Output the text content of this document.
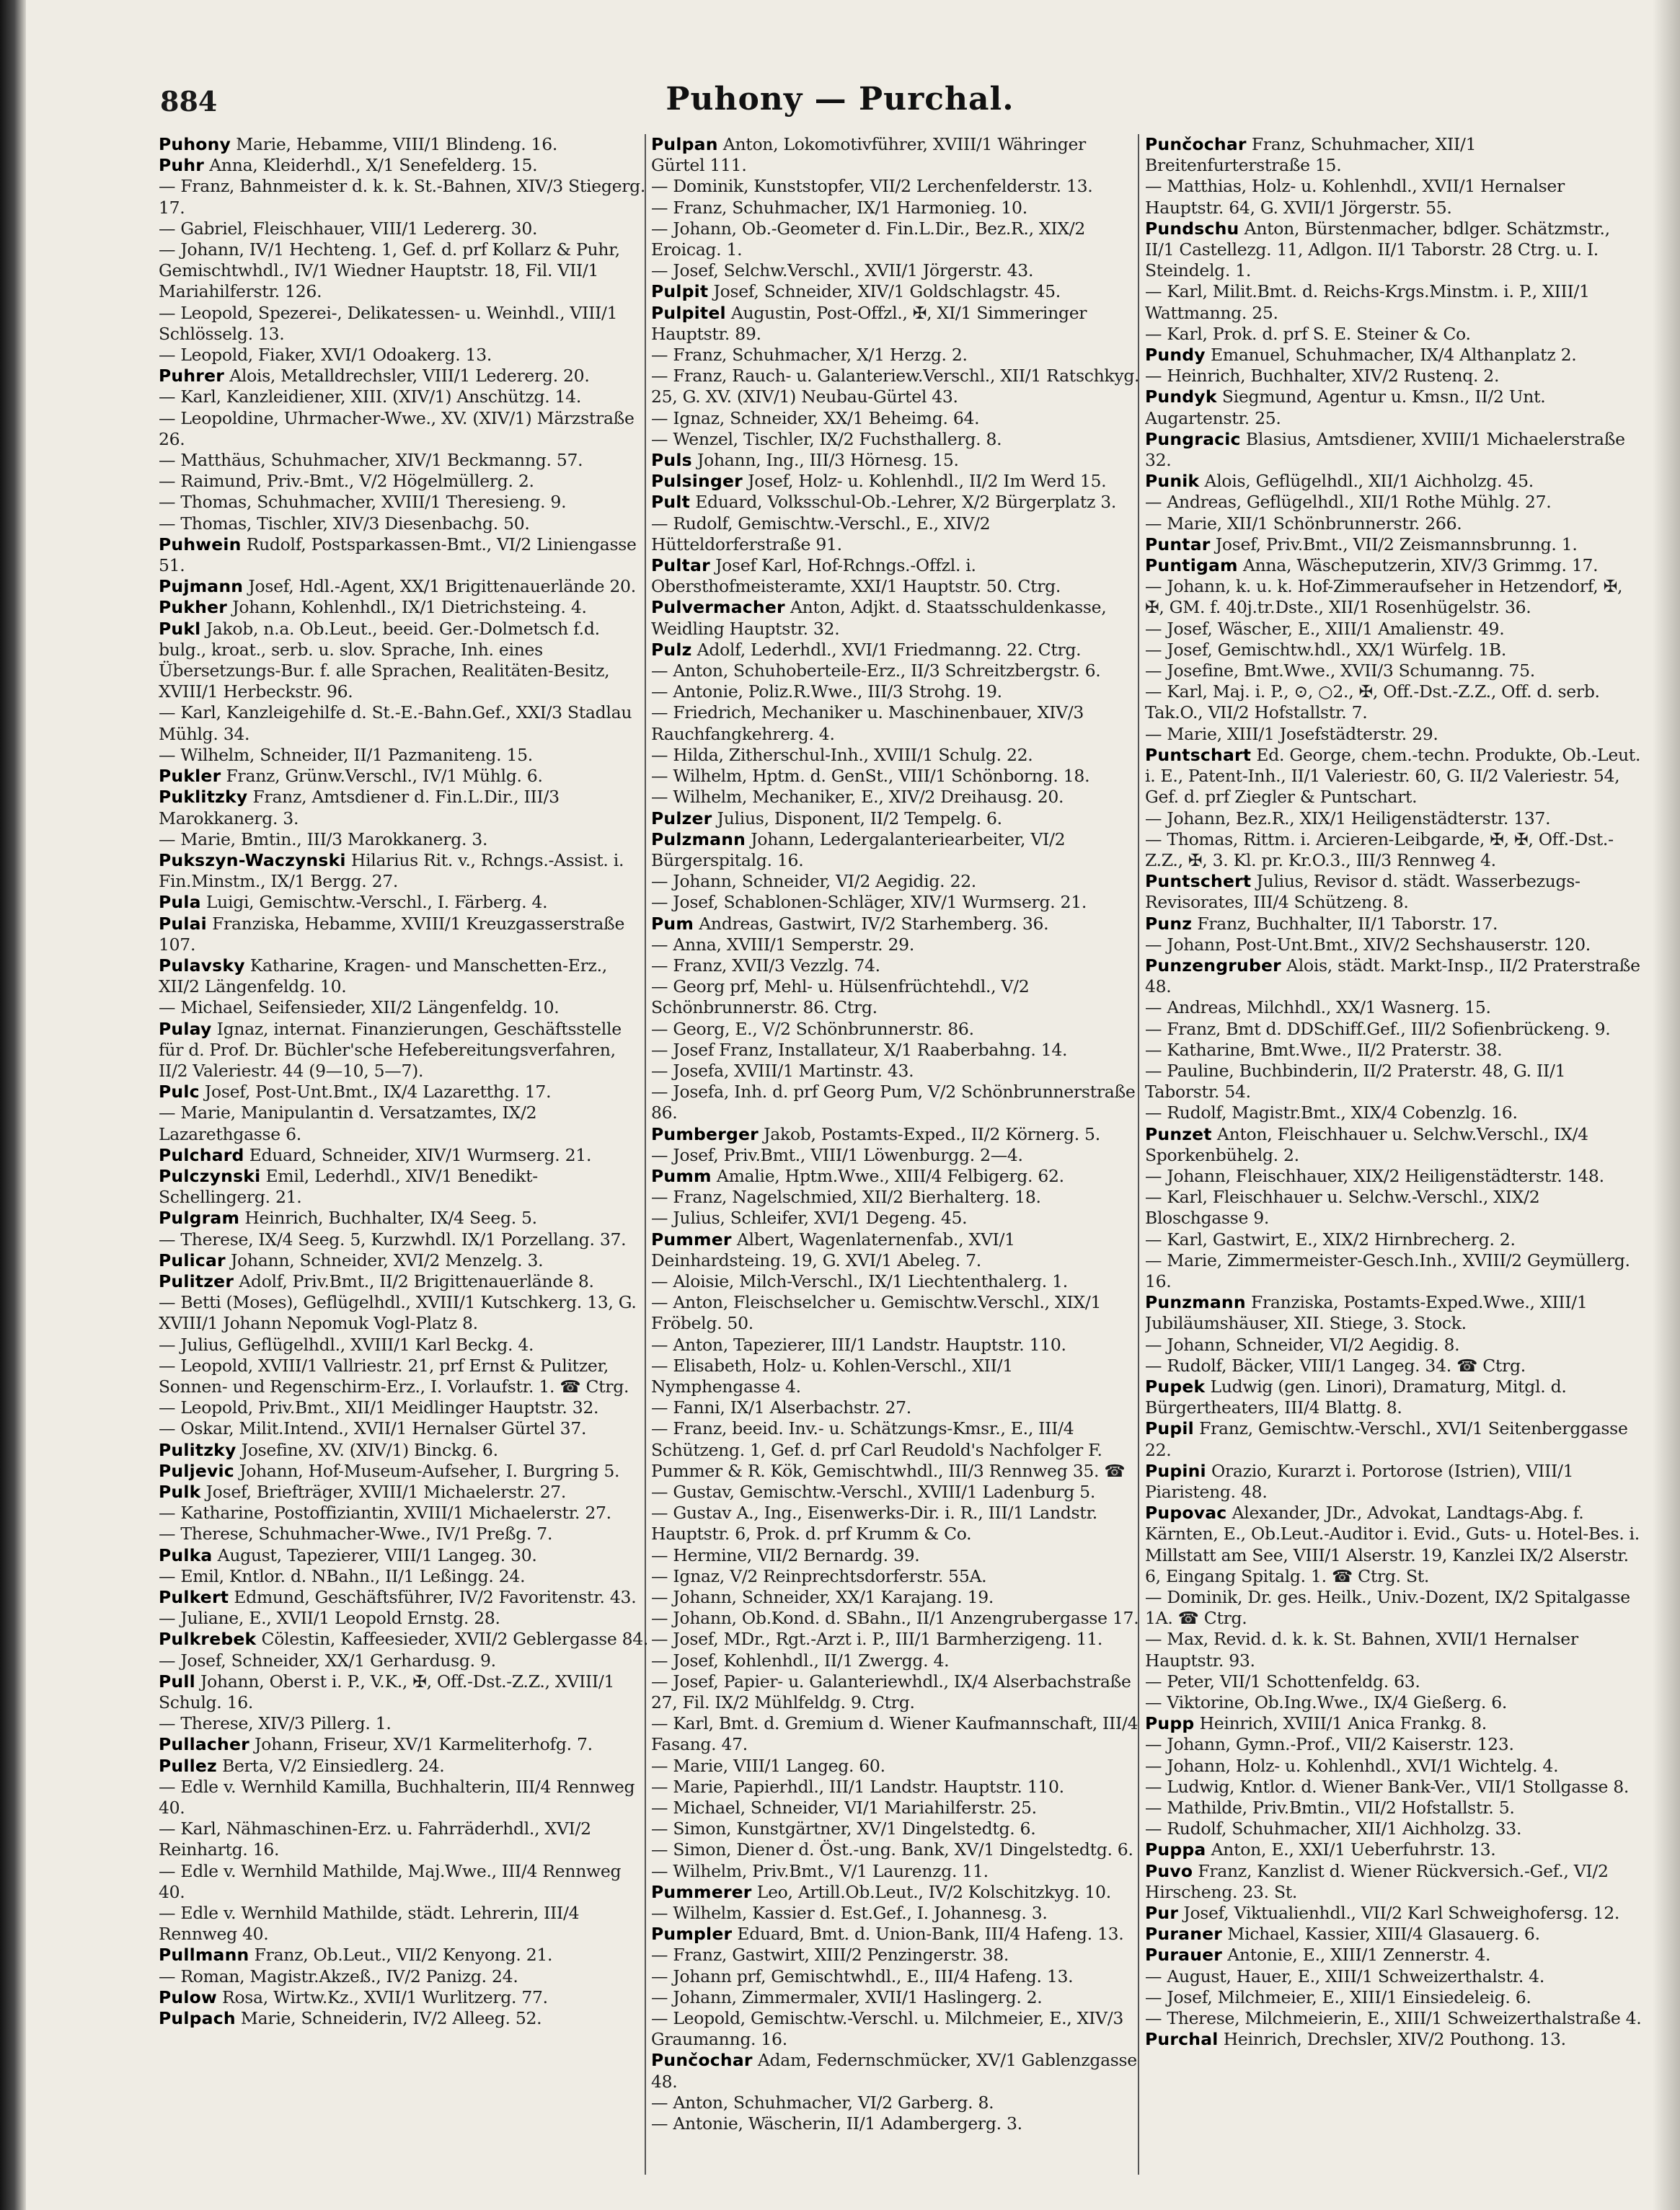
884	Puhony — Purchal.

Puhony Marie, Hebamme, VIII/1 Blindeng. 16.

Puhr Anna, Kleiderhdl., X/1 Senefelderg. 15.

— Franz, Bahnmeister d. k. k. St.-Bahnen, XIV/3 Stiegerg. 17.

— Gabriel, Fleischhauer, VIII/1 Ledererg. 30.

— Johann, IV/1 Hechteng. 1, Gef. d. prf Kollarz & Puhr, Gemischtwhdl., IV/1 Wiedner Hauptstr. 18, Fil. VII/1 Mariahilferstr. 126.

— Leopold, Spezerei-, Delikatessen- u. Weinhdl., VIII/1 Schlösselg. 13.

— Leopold, Fiaker, XVI/1 Odoakerg. 13.

Puhrer Alois, Metalldrechsler, VIII/1 Ledererg. 20.

— Karl, Kanzleidiener, XIII. (XIV/1) Anschützg. 14.

— Leopoldine, Uhrmacher-Wwe., XV. (XIV/1) Märzstraße 26.

— Matthäus, Schuhmacher, XIV/1 Beckmanng. 57.

— Raimund, Priv.-Bmt., V/2 Högelmüllerg. 2.

— Thomas, Schuhmacher, XVIII/1 Theresieng. 9.

— Thomas, Tischler, XIV/3 Diesenbachg. 50.

Puhwein Rudolf, Postsparkassen-Bmt., VI/2 Liniengasse 51.

Pujmann Josef, Hdl.-Agent, XX/1 Brigittenauerlände 20.

Pukher Johann, Kohlenhdl., IX/1 Dietrichsteing. 4.

Pukl Jakob, n.a. Ob.Leut., beeid. Ger.-Dolmetsch f.d. bulg., kroat., serb. u. slov. Sprache, Inh. eines Übersetzungs-Bur. f. alle Sprachen, Realitäten-Besitz, XVIII/1 Herbeckstr. 96.

— Karl, Kanzleigehilfe d. St.-E.-Bahn.Gef., XXI/3 Stadlau Mühlg. 34.

— Wilhelm, Schneider, II/1 Pazmaniteng. 15.

Pukler Franz, Grünw.Verschl., IV/1 Mühlg. 6.

Puklitzky Franz, Amtsdiener d. Fin.L.Dir., III/3 Marokkanerg. 3.

— Marie, Bmtin., III/3 Marokkanerg. 3.

Pukszyn-Waczynski Hilarius Rit. v., Rchngs.-Assist. i. Fin.Minstm., IX/1 Bergg. 27.

Pula Luigi, Gemischtw.-Verschl., I. Färberg. 4.

Pulai Franziska, Hebamme, XVIII/1 Kreuzgasserstraße 107.

Pulavsky Katharine, Kragen- und Manschetten-Erz., XII/2 Längenfeldg. 10.

— Michael, Seifensieder, XII/2 Längenfeldg. 10.

Pulay Ignaz, internat. Finanzierungen, Geschäftsstelle für d. Prof. Dr. Büchler'sche Hefebereitungsverfahren, II/2 Valeriestr. 44 (9—10, 5—7).

Pulc Josef, Post-Unt.Bmt., IX/4 Lazaretthg. 17.

— Marie, Manipulantin d. Versatzamtes, IX/2 Lazarethgasse 6.

Pulchard Eduard, Schneider, XIV/1 Wurmserg. 21.

Pulczynski Emil, Lederhdl., XIV/1 Benedikt-Schellingerg. 21.

Pulgram Heinrich, Buchhalter, IX/4 Seeg. 5.

— Therese, IX/4 Seeg. 5, Kurzwhdl. IX/1 Porzellang. 37.

Pulicar Johann, Schneider, XVI/2 Menzelg. 3.

Pulitzer Adolf, Priv.Bmt., II/2 Brigittenauerlände 8.

— Betti (Moses), Geflügelhdl., XVIII/1 Kutschkerg. 13, G. XVIII/1 Johann Nepomuk Vogl-Platz 8.

— Julius, Geflügelhdl., XVIII/1 Karl Beckg. 4.

— Leopold, XVIII/1 Vallriestr. 21, prf Ernst & Pulitzer, Sonnen- und Regenschirm-Erz., I. Vorlaufstr. 1. ☎ Ctrg.

— Leopold, Priv.Bmt., XII/1 Meidlinger Hauptstr. 32.

— Oskar, Milit.Intend., XVII/1 Hernalser Gürtel 37.

Pulitzky Josefine, XV. (XIV/1) Binckg. 6.

Puljevic Johann, Hof-Museum-Aufseher, I. Burgring 5.

Pulk Josef, Briefträger, XVIII/1 Michaelerstr. 27.

— Katharine, Postoffiziantin, XVIII/1 Michaelerstr. 27.

— Therese, Schuhmacher-Wwe., IV/1 Preßg. 7.

Pulka August, Tapezierer, VIII/1 Langeg. 30.

— Emil, Kntlor. d. NBahn., II/1 Leßingg. 24.

Pulkert Edmund, Geschäftsführer, IV/2 Favoritenstr. 43.

— Juliane, E., XVII/1 Leopold Ernstg. 28.

Pulkrebek Cölestin, Kaffeesieder, XVII/2 Geblergasse 84.

— Josef, Schneider, XX/1 Gerhardusg. 9.

Pull Johann, Oberst i. P., V.K., ✠, Off.-Dst.-Z.Z., XVIII/1 Schulg. 16.

— Therese, XIV/3 Pillerg. 1.

Pullacher Johann, Friseur, XV/1 Karmeliterhofg. 7.

Pullez Berta, V/2 Einsiedlerg. 24.

— Edle v. Wernhild Kamilla, Buchhalterin, III/4 Rennweg 40.

— Karl, Nähmaschinen-Erz. u. Fahrräderhdl., XVI/2 Reinhartg. 16.

— Edle v. Wernhild Mathilde, Maj.Wwe., III/4 Rennweg 40.

— Edle v. Wernhild Mathilde, städt. Lehrerin, III/4 Rennweg 40.

Pullmann Franz, Ob.Leut., VII/2 Kenyong. 21.

— Roman, Magistr.Akzeß., IV/2 Panizg. 24.

Pulow Rosa, Wirtw.Kz., XVII/1 Wurlitzerg. 77.

Pulpach Marie, Schneiderin, IV/2 Alleeg. 52.

Pulpan Anton, Lokomotivführer, XVIII/1 Währinger Gürtel 111.

— Dominik, Kunststopfer, VII/2 Lerchenfelderstr. 13.

— Franz, Schuhmacher, IX/1 Harmonieg. 10.

— Johann, Ob.-Geometer d. Fin.L.Dir., Bez.R., XIX/2 Eroicag. 1.

— Josef, Selchw.Verschl., XVII/1 Jörgerstr. 43.

Pulpit Josef, Schneider, XIV/1 Goldschlagstr. 45.

Pulpitel Augustin, Post-Offzl., ✠, XI/1 Simmeringer Hauptstr. 89.

— Franz, Schuhmacher, X/1 Herzg. 2.

— Franz, Rauch- u. Galanteriew.Verschl., XII/1 Ratschkyg. 25, G. XV. (XIV/1) Neubau-Gürtel 43.

— Ignaz, Schneider, XX/1 Beheimg. 64.

— Wenzel, Tischler, IX/2 Fuchsthallerg. 8.

Puls Johann, Ing., III/3 Hörnesg. 15.

Pulsinger Josef, Holz- u. Kohlenhdl., II/2 Im Werd 15.

Pult Eduard, Volksschul-Ob.-Lehrer, X/2 Bürgerplatz 3.

— Rudolf, Gemischtw.-Verschl., E., XIV/2 Hütteldorferstraße 91.

Pultar Josef Karl, Hof-Rchngs.-Offzl. i. Obersthofmeisteramte, XXI/1 Hauptstr. 50. Ctrg.

Pulvermacher Anton, Adjkt. d. Staatsschuldenkasse, Weidling Hauptstr. 32.

Pulz Adolf, Lederhdl., XVI/1 Friedmanng. 22. Ctrg.

— Anton, Schuhoberteile-Erz., II/3 Schreitzbergstr. 6.

— Antonie, Poliz.R.Wwe., III/3 Strohg. 19.

— Friedrich, Mechaniker u. Maschinenbauer, XIV/3 Rauchfangkehrerg. 4.

— Hilda, Zitherschul-Inh., XVIII/1 Schulg. 22.

— Wilhelm, Hptm. d. GenSt., VIII/1 Schönborng. 18.

— Wilhelm, Mechaniker, E., XIV/2 Dreihausg. 20.

Pulzer Julius, Disponent, II/2 Tempelg. 6.

Pulzmann Johann, Ledergalanteriearbeiter, VI/2 Bürgerspitalg. 16.

— Johann, Schneider, VI/2 Aegidig. 22.

— Josef, Schablonen-Schläger, XIV/1 Wurmserg. 21.

Pum Andreas, Gastwirt, IV/2 Starhemberg. 36.

— Anna, XVIII/1 Semperstr. 29.

— Franz, XVII/3 Vezzlg. 74.

— Georg prf, Mehl- u. Hülsenfrüchtehdl., V/2 Schönbrunnerstr. 86. Ctrg.

— Georg, E., V/2 Schönbrunnerstr. 86.

— Josef Franz, Installateur, X/1 Raaberbahng. 14.

— Josefa, XVIII/1 Martinstr. 43.

— Josefa, Inh. d. prf Georg Pum, V/2 Schönbrunnerstraße 86.

Pumberger Jakob, Postamts-Exped., II/2 Körnerg. 5.

— Josef, Priv.Bmt., VIII/1 Löwenburgg. 2—4.

Pumm Amalie, Hptm.Wwe., XIII/4 Felbigerg. 62.

— Franz, Nagelschmied, XII/2 Bierhalterg. 18.

— Julius, Schleifer, XVI/1 Degeng. 45.

Pummer Albert, Wagenlaternenfab., XVI/1 Deinhardsteing. 19, G. XVI/1 Abeleg. 7.

— Aloisie, Milch-Verschl., IX/1 Liechtenthalerg. 1.

— Anton, Fleischselcher u. Gemischtw.Verschl., XIX/1 Fröbelg. 50.

— Anton, Tapezierer, III/1 Landstr. Hauptstr. 110.

— Elisabeth, Holz- u. Kohlen-Verschl., XII/1 Nymphengasse 4.

— Fanni, IX/1 Alserbachstr. 27.

— Franz, beeid. Inv.- u. Schätzungs-Kmsr., E., III/4 Schützeng. 1, Gef. d. prf Carl Reudold's Nachfolger F. Pummer & R. Kök, Gemischtwhdl., III/3 Rennweg 35. ☎

— Gustav, Gemischtw.-Verschl., XVIII/1 Ladenburg 5.

— Gustav A., Ing., Eisenwerks-Dir. i. R., III/1 Landstr. Hauptstr. 6, Prok. d. prf Krumm & Co.

— Hermine, VII/2 Bernardg. 39.

— Ignaz, V/2 Reinprechtsdorferstr. 55A.

— Johann, Schneider, XX/1 Karajang. 19.

— Johann, Ob.Kond. d. SBahn., II/1 Anzengrubergasse 17.

— Josef, MDr., Rgt.-Arzt i. P., III/1 Barmherzigeng. 11.

— Josef, Kohlenhdl., II/1 Zwergg. 4.

— Josef, Papier- u. Galanteriewhdl., IX/4 Alserbachstraße 27, Fil. IX/2 Mühlfeldg. 9. Ctrg.

— Karl, Bmt. d. Gremium d. Wiener Kaufmannschaft, III/4 Fasang. 47.

— Marie, VIII/1 Langeg. 60.

— Marie, Papierhdl., III/1 Landstr. Hauptstr. 110.

— Michael, Schneider, VI/1 Mariahilferstr. 25.

— Simon, Kunstgärtner, XV/1 Dingelstedtg. 6.

— Simon, Diener d. Öst.-ung. Bank, XV/1 Dingelstedtg. 6.

— Wilhelm, Priv.Bmt., V/1 Laurenzg. 11.

Pummerer Leo, Artill.Ob.Leut., IV/2 Kolschitzkyg. 10.

— Wilhelm, Kassier d. Est.Gef., I. Johannesg. 3.

Pumpler Eduard, Bmt. d. Union-Bank, III/4 Hafeng. 13.

— Franz, Gastwirt, XIII/2 Penzingerstr. 38.

— Johann prf, Gemischtwhdl., E., III/4 Hafeng. 13.

— Johann, Zimmermaler, XVII/1 Haslingerg. 2.

— Leopold, Gemischtw.-Verschl. u. Milchmeier, E., XIV/3 Graumanng. 16.

Punčochar Adam, Federnschmücker, XV/1 Gablenzgasse 48.

— Anton, Schuhmacher, VI/2 Garberg. 8.

— Antonie, Wäscherin, II/1 Adambergerg. 3.

Punčochar Franz, Schuhmacher, XII/1 Breitenfurterstraße 15.

— Matthias, Holz- u. Kohlenhdl., XVII/1 Hernalser Hauptstr. 64, G. XVII/1 Jörgerstr. 55.

Pundschu Anton, Bürstenmacher, bdlger. Schätzmstr., II/1 Castellezg. 11, Adlgon. II/1 Taborstr. 28 Ctrg. u. I. Steindelg. 1.

— Karl, Milit.Bmt. d. Reichs-Krgs.Minstm. i. P., XIII/1 Wattmanng. 25.

— Karl, Prok. d. prf S. E. Steiner & Co.

Pundy Emanuel, Schuhmacher, IX/4 Althanplatz 2.

— Heinrich, Buchhalter, XIV/2 Rustenq. 2.

Pundyk Siegmund, Agentur u. Kmsn., II/2 Unt. Augartenstr. 25.

Pungracic Blasius, Amtsdiener, XVIII/1 Michaelerstraße 32.

Punik Alois, Geflügelhdl., XII/1 Aichholzg. 45.

— Andreas, Geflügelhdl., XII/1 Rothe Mühlg. 27.

— Marie, XII/1 Schönbrunnerstr. 266.

Puntar Josef, Priv.Bmt., VII/2 Zeismannsbrunng. 1.

Puntigam Anna, Wäscheputzerin, XIV/3 Grimmg. 17.

— Johann, k. u. k. Hof-Zimmeraufseher in Hetzendorf, ✠, ✠, GM. f. 40j.tr.Dste., XII/1 Rosenhügelstr. 36.

— Josef, Wäscher, E., XIII/1 Amalienstr. 49.

— Josef, Gemischtw.hdl., XX/1 Würfelg. 1B.

— Josefine, Bmt.Wwe., XVII/3 Schumanng. 75.

— Karl, Maj. i. P., ⊙, ○2., ✠, Off.-Dst.-Z.Z., Off. d. serb. Tak.O., VII/2 Hofstallstr. 7.

— Marie, XIII/1 Josefstädterstr. 29.

Puntschart Ed. George, chem.-techn. Produkte, Ob.-Leut. i. E., Patent-Inh., II/1 Valeriestr. 60, G. II/2 Valeriestr. 54, Gef. d. prf Ziegler & Puntschart.

— Johann, Bez.R., XIX/1 Heiligenstädterstr. 137.

— Thomas, Rittm. i. Arcieren-Leibgarde, ✠, ✠, Off.-Dst.-Z.Z., ✠, 3. Kl. pr. Kr.O.3., III/3 Rennweg 4.

Puntschert Julius, Revisor d. städt. Wasserbezugs-Revisorates, III/4 Schützeng. 8.

Punz Franz, Buchhalter, II/1 Taborstr. 17.

— Johann, Post-Unt.Bmt., XIV/2 Sechshauserstr. 120.

Punzengruber Alois, städt. Markt-Insp., II/2 Praterstraße 48.

— Andreas, Milchhdl., XX/1 Wasnerg. 15.

— Franz, Bmt d. DDSchiff.Gef., III/2 Sofienbrückeng. 9.

— Katharine, Bmt.Wwe., II/2 Praterstr. 38.

— Pauline, Buchbinderin, II/2 Praterstr. 48, G. II/1 Taborstr. 54.

— Rudolf, Magistr.Bmt., XIX/4 Cobenzlg. 16.

Punzet Anton, Fleischhauer u. Selchw.Verschl., IX/4 Sporkenbühelg. 2.

— Johann, Fleischhauer, XIX/2 Heiligenstädterstr. 148.

— Karl, Fleischhauer u. Selchw.-Verschl., XIX/2 Bloschgasse 9.

— Karl, Gastwirt, E., XIX/2 Hirnbrecherg. 2.

— Marie, Zimmermeister-Gesch.Inh., XVIII/2 Geymüllerg. 16.

Punzmann Franziska, Postamts-Exped.Wwe., XIII/1 Jubiläumshäuser, XII. Stiege, 3. Stock.

— Johann, Schneider, VI/2 Aegidig. 8.

— Rudolf, Bäcker, VIII/1 Langeg. 34. ☎ Ctrg.

Pupek Ludwig (gen. Linori), Dramaturg, Mitgl. d. Bürgertheaters, III/4 Blattg. 8.

Pupil Franz, Gemischtw.-Verschl., XVI/1 Seitenberggasse 22.

Pupini Orazio, Kurarzt i. Portorose (Istrien), VIII/1 Piaristeng. 48.

Pupovac Alexander, JDr., Advokat, Landtags-Abg. f. Kärnten, E., Ob.Leut.-Auditor i. Evid., Guts- u. Hotel-Bes. i. Millstatt am See, VIII/1 Alserstr. 19, Kanzlei IX/2 Alserstr. 6, Eingang Spitalg. 1. ☎ Ctrg. St.

— Dominik, Dr. ges. Heilk., Univ.-Dozent, IX/2 Spitalgasse 1A. ☎ Ctrg.

— Max, Revid. d. k. k. St. Bahnen, XVII/1 Hernalser Hauptstr. 93.

— Peter, VII/1 Schottenfeldg. 63.

— Viktorine, Ob.Ing.Wwe., IX/4 Gießerg. 6.

Pupp Heinrich, XVIII/1 Anica Frankg. 8.

— Johann, Gymn.-Prof., VII/2 Kaiserstr. 123.

— Johann, Holz- u. Kohlenhdl., XVI/1 Wichtelg. 4.

— Ludwig, Kntlor. d. Wiener Bank-Ver., VII/1 Stollgasse 8.

— Mathilde, Priv.Bmtin., VII/2 Hofstallstr. 5.

— Rudolf, Schuhmacher, XII/1 Aichholzg. 33.

Puppa Anton, E., XXI/1 Ueberfuhrstr. 13.

Puvo Franz, Kanzlist d. Wiener Rückversich.-Gef., VI/2 Hirscheng. 23. St.

Pur Josef, Viktualienhdl., VII/2 Karl Schweighofersg. 12.

Puraner Michael, Kassier, XIII/4 Glasauerg. 6.

Purauer Antonie, E., XIII/1 Zennerstr. 4.

— August, Hauer, E., XIII/1 Schweizerthalstr. 4.

— Josef, Milchmeier, E., XIII/1 Einsiedeleig. 6.

— Therese, Milchmeierin, E., XIII/1 Schweizerthalstraße 4.

Purchal Heinrich, Drechsler, XIV/2 Pouthong. 13.
